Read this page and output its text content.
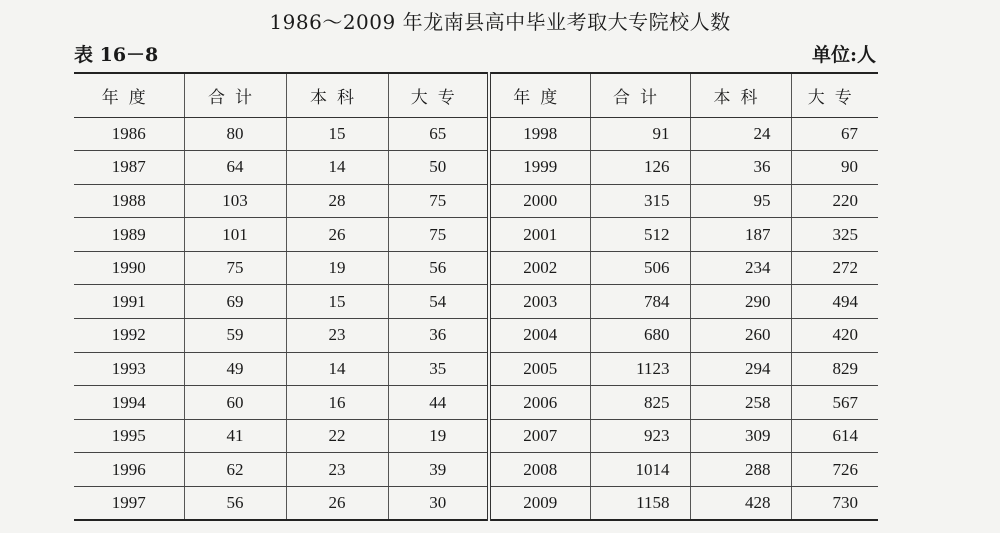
1986～2009 年龙南县高中毕业考取大专院校人数
表 16－8	单位:人
年度	合计	本科	大专	年度	合计	本科	大专
1986	80	15	65	1998	91	24	67
1987	64	14	50	1999	126	36	90
1988	103	28	75	2000	315	95	220
1989	101	26	75	2001	512	187	325
1990	75	19	56	2002	506	234	272
1991	69	15	54	2003	784	290	494
1992	59	23	36	2004	680	260	420
1993	49	14	35	2005	1123	294	829
1994	60	16	44	2006	825	258	567
1995	41	22	19	2007	923	309	614
1996	62	23	39	2008	1014	288	726
1997	56	26	30	2009	1158	428	730
